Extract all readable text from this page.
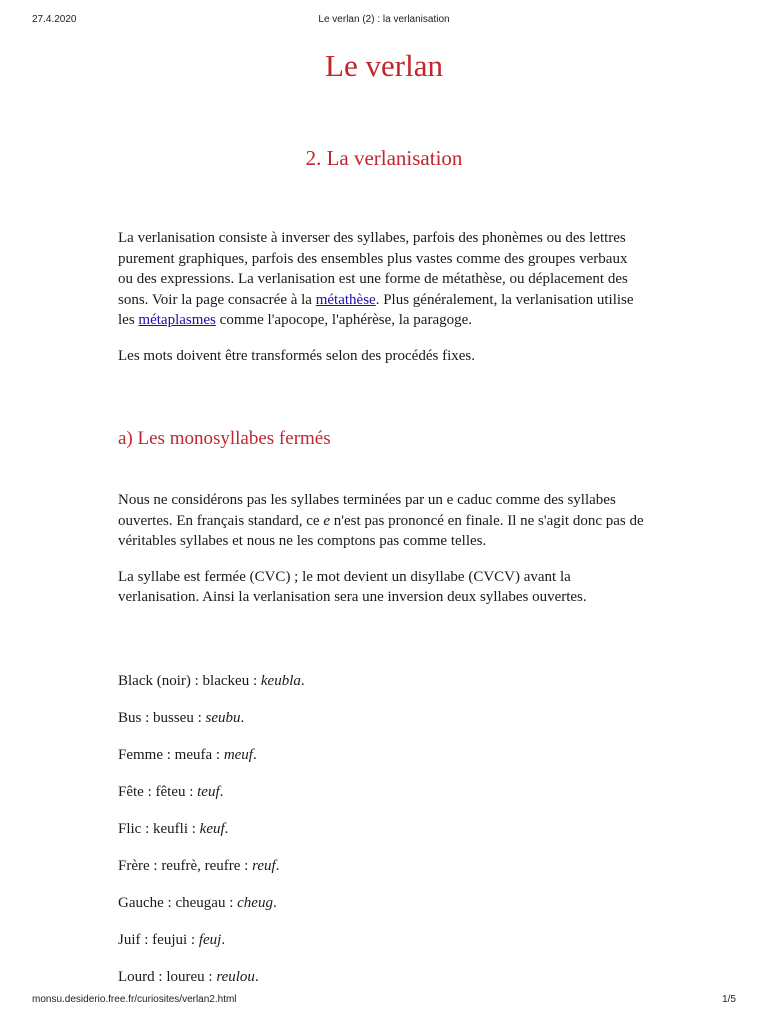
27.4.2020	Le verlan (2) : la verlanisation
Le verlan
2. La verlanisation

La verlanisation consiste à inverser des syllabes, parfois des phonèmes ou des lettres purement graphiques, parfois des ensembles plus vastes comme des groupes verbaux ou des expressions. La verlanisation est une forme de métathèse, ou déplacement des sons. Voir la page consacrée à la métathèse. Plus généralement, la verlanisation utilise les métaplasmes comme l'apocope, l'aphérèse, la paragoge.

Les mots doivent être transformés selon des procédés fixes.

a) Les monosyllabes fermés

Nous ne considérons pas les syllabes terminées par un e caduc comme des syllabes ouvertes. En français standard, ce e n'est pas prononcé en finale. Il ne s'agit donc pas de véritables syllabes et nous ne les comptons pas comme telles.

La syllabe est fermée (CVC) ; le mot devient un disyllabe (CVCV) avant la verlanisation. Ainsi la verlanisation sera une inversion deux syllabes ouvertes.

Black (noir) : blackeu : keubla.
Bus : busseu : seubu.
Femme : meufa : meuf.
Fête : fêteu : teuf.
Flic : keufli : keuf.
Frère : reufrè, reufre : reuf.
Gauche : cheugau : cheug.
Juif : feujui : feuj.
Lourd : loureu : reulou.
monsu.desiderio.free.fr/curiosites/verlan2.html	1/5
